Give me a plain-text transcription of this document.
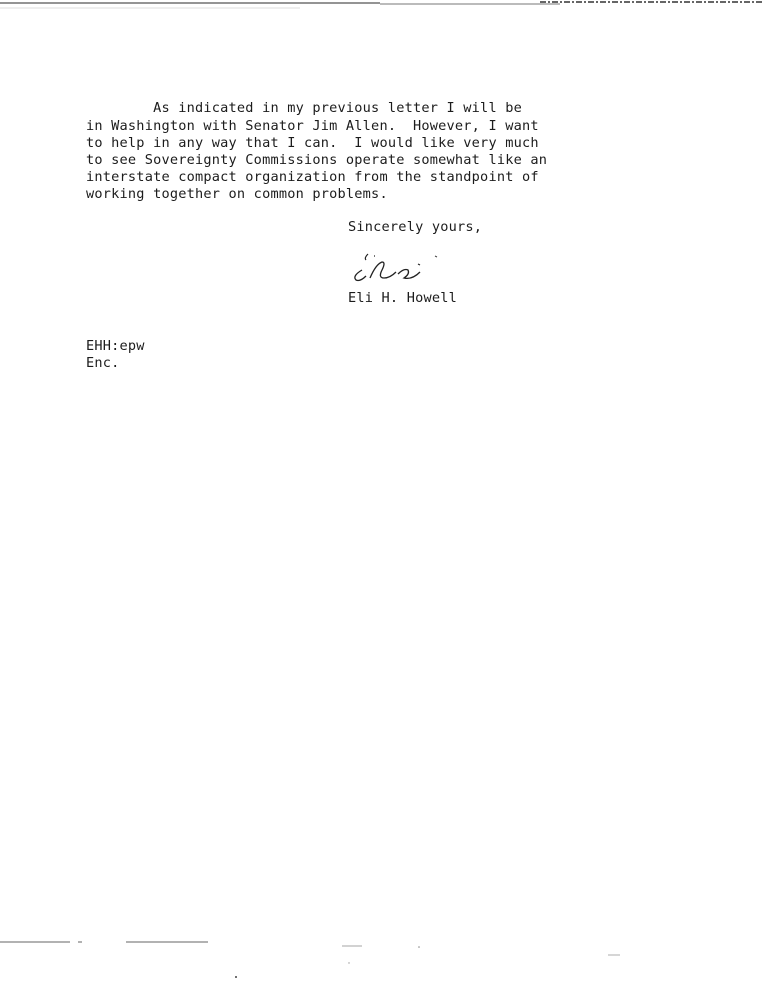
As indicated in my previous letter I will be
in Washington with Senator Jim Allen.  However, I want
to help in any way that I can.  I would like very much
to see Sovereignty Commissions operate somewhat like an
interstate compact organization from the standpoint of
working together on common problems.
Sincerely yours,
Eli H. Howell
EHH:epw
Enc.
